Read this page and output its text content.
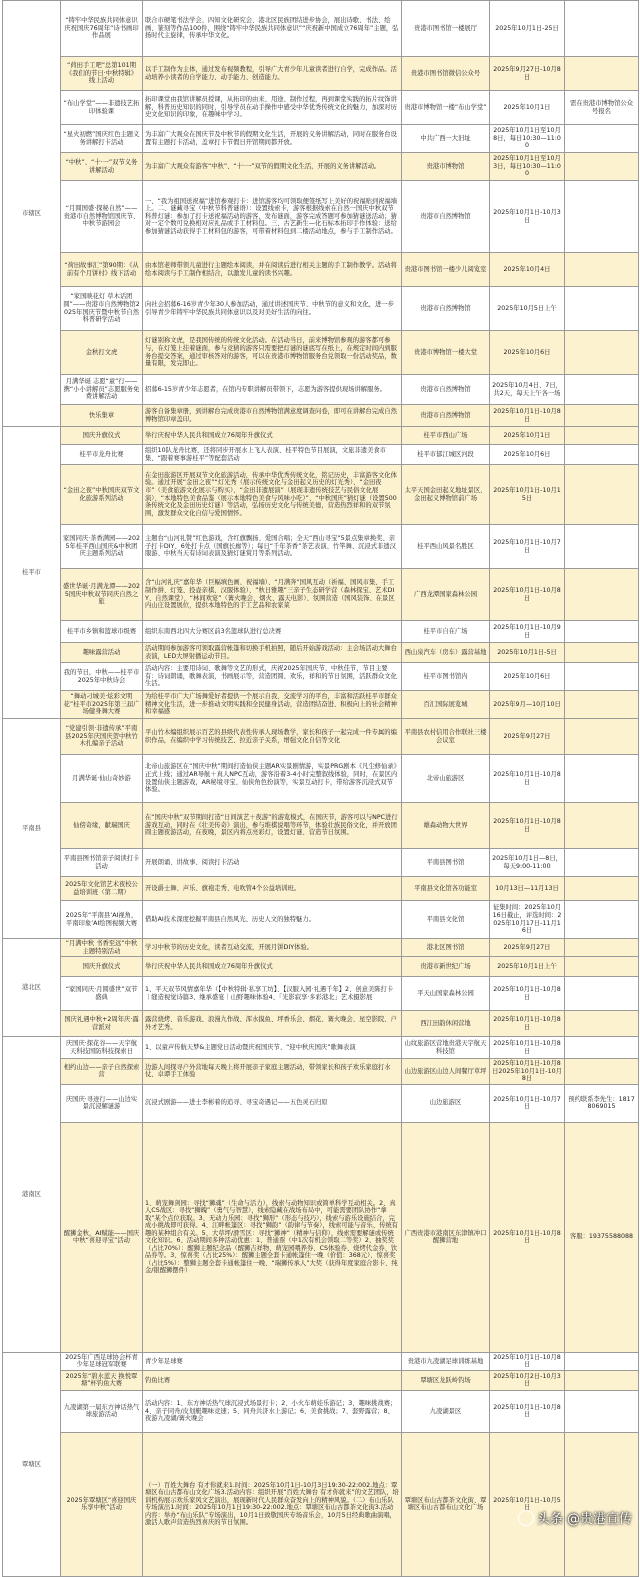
市辖区	“铸牢中华民族共同体意识 庆祝国庆76周年”诗书画印作品展	联合市硬笔书法学会、四知文化研究会、港北区民族团结进步协会，展出诗歌、书法、绘画、篆刻等作品100件，围绕“铸牢中华民族共同体意识”“庆祝新中国成立76周年”主题，弘扬时代主旋律，传承中华文化。	贵港市图书馆一楼展厅	2025年10月1日-25日	
	“荷田手工吧”总第101期《我们的节日·中秋特辑》线上活动	以手工制作为主体，通过发布视频教程，引导广大青少年儿童读者进行自学，完成作品。活动培养小读者的自学能力、动手能力、创造能力。	贵港市图书馆微信公众号	2025年9月27日-10月8日	
	“布山学堂”——非遗技艺拓印体验课	拓印课堂由我馆讲解员授课，从拓印的由来、用途、制作过程，再到课堂实践的拓片纹饰讲解，科普历史知识的同时，引导学员在动手操作中感受中华优秀传统文化的魅力，加深对历史文化知识的印象，在趣味中学习。	贵港市博物馆一楼“布山学堂”	2025年10月1日	需在贵港市博物馆公众号报名
	“星火初燃”国庆红色主题义务讲解打卡活动	为丰富广大观众在国庆节及中秋节的假期文化生活，开展的义务讲解活动，同时在服务台设置有主题打卡活动，盖章打卡节假日开馆期间都开放。	中共广西一大旧址	2025年10月1日至10月8日，每日10:30—11:00	
	“中秋”、“十·一”双节义务讲解活动	为丰富广大观众有游客“中秋”、“十·一”双节的假期文化生活，开展的义务讲解活动。	贵港市博物馆	2025年10月1日至10月3日，每日10:30—11:00	
	“月圆国盛·探秘自然”——贵港市自然博物馆国庆节、中秋节游园会	一、“我为祖国送祝福”进馆参观打卡：进馆游客均可领取便签纸写上美好的祝福贴到祝福墙上。二、谜藏寻宝（中秋节科普谜语）：设置线索卡，游客根据线索在自然一国庆中秋双节科普灯谜：参加了打卡送祝福活动的游客，发布谜面，游客完成答题可参加猜谜送活动；猜对一定个数可兑换相对应礼品或手工材料包。三、古艺新生—化石标本拓印手作体验：送给参加猜谜活动获得手工材料包的游客，可带着材料包到二楼活动地点，参与手工制作活动。	贵港市自然博物馆	2025年10月1日-10月3日	
	“荷田故事汇”第90期：《从前有个月饼村》线下活动	由本馆老师带领儿童进行主题绘本阅读，并在阅读后进行相关主题的手工制作教学。活动将绘本阅读与手工制作相结合，以激发儿童的读书兴趣。	贵港市图书馆一楼少儿阅览室	2025年10月4日	
	“家国映花灯 草木话团圆”——贵港市自然博物馆2025年国庆节暨中秋节自然科普研学活动	向社会招募6-16岁青少年30人参加活动，通过讲述国庆节、中秋节的意义和文化，进一步引导青少年铸牢中华民族共同体意识以及对美好生活的向往。	贵港市自然博物馆	2025年10月5日上午	
	金秋打文虎	灯谜别称文虎，是我国传统的传统文化活动。在活动当日，前来博物馆参观的游客都可参与，在灯笼上挂着谜面，参与竞猜的游客只需要把灯谜的谜底写在纸上，在规定时间内到服务台提交答案，通过审核答对的游客，可以在贵港市博物馆服务台兑领取一份活动奖品，数量有限，发完即止。	贵港市博物馆一楼大堂	2025年10月6日	
	月满华诞 志愿“童”行——携“小小讲解员”志愿服务免费讲解活动	招募6-15岁青少年志愿者，在馆内专职讲解员带领下，志愿为游客提供现场讲解服务。	贵港市自然博物馆	2025年10月4日、7日，共2天，每天上午各一场	
	快乐集章	游客自备集章册，到讲解台完成贵港市自然博物馆满意度调查问卷，即可在讲解台完成自然博物馆印章盖印。	贵港市自然博物馆	2025年10月1日-10月8日	
桂平市	国庆升旗仪式	举行庆祝中华人民共和国成立76周年升旗仪式	桂平市西山广场	2025年10月1日	
	桂平市龙舟比赛	组织10队龙舟比赛，还将同步开展水上飞人表演、桂平特色节目展演，文旅非遗美食市集、“跟着赛事游桂平”等配套活动	桂平市郁江城区河段	2025年10月6日	
	“金田之夜”中秋国庆双节文化旅游系列活动	在金田旅游区开展双节文化旅游活动，传承中华优秀传统文化，铭记历史，丰富游客文化体验。通过开展“金田之夜”“灯光秀（展示传统文化与金田起义历史的灯光秀）、“金田夜市”（美食旅游文化展示与购买）、“金田非遗展演”（展现非遗传统技艺与民俗文化展演）、“本地特色美食品鉴（展示本地特色美食与风味小吃）”、“中秋国庆”猜灯谜（设置500条传统文化及金田历史灯谜）等活动，弘扬历史文化与传统美德，营造热烈祥和的双节氛围，激发群众文化自信与爱国情怀。	太平天国金田起义地址景区、金田起义博物馆前广场	2025年10月1日-10月15日	
	家国同庆·茶香满园——2025年桂平西山国庆&中秋团庆主题系列活动	主题台“山河礼赞”红色游戏，含红旗飘扬、爱国合唱；全天“西山寻宝”5景点集章换奖、亲子打卡DIY、6处打卡点（国旗长廊等）；每日“千年茶香”茶艺表演、竹竿舞、沉浸式非遗汉服游、中秋当天有诗词表演及猜灯谜赏月等系列活动。	桂平西山风景名胜区	2025年10月1日-10月7日	
	盛世华诞·月满龙潭——2025国庆中秋双节同庆自然之旅	含“山河礼庆”嘉年华（巨幅填色画、祝福墙）、“月满奔”国风互动（祈福、国风市集、手工制作拼、灯笼、投壶亲棋、汉服体验）、“秋日雅趣”三亲子生态研学营（森林探宝、艺术DIY、自然课堂）、“林间欢宴”（篝火晚会、烟火、露天电影）、氛围营造（国风装饰、在景区内山庄设置展位，提供本地特色的手工艺品和农家菜	广西龙潭国家森林公园	2025年10月1日-10月8日	
	桂平市乡镇和篮球市级赛	组织东南西北四大分赛区前3名篮球队进行总决赛	桂平市自在广场	2025年10月1日-10月9日	
	趣味露营活动	活动期间参加游客可领取露营帐篷和切换手机拍照，随后开始游戏活动：主会场活动大舞台表演，LED大屏射播运动节目。	西山泉汽车（房车）露营基地	2025年10月1日-5日	
	我的节日，中秋——桂平市2025年中秋诗会	活动内容：主要用诗词、歌舞等文艺的形式，庆祝2025年国庆节、中秋佳节，节目主要有：诗词朗诵，歌舞表演，书画展示等，营造团圆、欢乐，祥和的节日氛围，活跃群众文化生活。	桂平市图书馆内	2025年10月6日	
	“舞动刁城美·炫彩文明花”桂平市2025年第三届广场健身舞大赛	为给桂平市广大广场舞爱好者提供一个展示自我、交流学习的平台，丰富和活跃桂平市群众精神文化生活，进一步推动文明实践和全民健身活动，营造团结奋进、积极向上的社会精神和幸福感	百汇国际展览城	2025年9月—10月10日	
平南县	“党建引领·非遗传承”平南县2025年庆国庆贺中秋竹木扎编亲子活动	平山竹木编组织展示百艺的县级代表性传承人现场教学，家长和孩子一起完成一件专属的编织作品，在编织中学习传统技艺、拉近亲子关系，增强文化自信等文化	平南县农村信用合作联社三楼会议室	2025年9月27日	
	月满华诞·仙山奇妙游	北帝山旅游区在“国庆中秋”期间打造仙侠主题AR实景剧情游，实景PRG剧本《凡尘修仙录》正式上线；通过AR导航＋真人NPC互动，游客沿着3-4小时完整叙线体验，同时，在景区内设置仙侠主题游戏，AR秘境寻宝、仙侠角色扮演等，实景互动打卡，带给游客沉浸式双节体验。	北帝山旅游区	2025年10月1日-10月8日	
	仙傍奇缘，献瑞国庆	在“国庆中秋”双节期间打造“日间演艺＋夜游”的游览模式，在国庆节，游客可以与NPC进行游戏互动，同时在《壮美传奇》演出，参与堆棋说唱等环节，体验壮族民俗文化，并开放团圆主题夜游活动，在夜晚，景区内将点亮彩灯，设置灯谜、营造节日氛围。	雄森动物大世界	2025年10月1日-10月8日	
	平南县图书馆亲子阅读打卡活动	开展朗诵、讲故事、阅读打卡活动	平南县图书馆	2025年10月1日—8日，每天9:00-11:00	
	2025年文化馆艺术夜校公益培训班（第二期）	开设爵士舞、声乐、旗袍走秀、电吹管4个公益培训班。	平南县文化馆各功能室	10月13日—11月13日	
	2025年“平南县‘AI视角，平南印象’AI绘图视频大赛	借助AI技术深度挖掘平南县自然风光、历史人文的独特魅力。	平南县文化馆	征集时间：2025年10月16日截止，评选时间：2025年10月17日-11月16日	
港北区	“月满中秋 书香至远”中秋主题特别活动	学习中秋节的历史文化，读者互动交流，开展月饼DIY体验。	港北区图书馆	2025年9月27日	
	国庆升旗仪式	举行庆祝中华人民共和国成立76周年升旗仪式	贵港市新世纪广场	2025年10月1日上午	
	“家国同庆·月圆盛世”双节盛典	1、平天双节风情嘉年华（【中秋特辑·私享工坊】、【汉服入园·礼遇千年】2、创意美陈打卡｜缝造视觉诗篇3、继承盛宴｜山野趣味体验4、「光影寂享·多彩港北」艺术摄影展	平天山国家森林公园	2025年10月1日-10月8日	
	国庆礼遇中秋+2周年庆·露营派对	露营烧烤、音乐游戏、浪漫九作战、浑水摸鱼、坪香乐会、烟花、篝火晚会、星空影院、户外才艺秀。	西江田韵休闲营地	2025年10月1日-10月8日	
港南区	庆国庆·探花谷——天宇航天科技国防科技探索日	1、以童声传航天梦&主题党日活动暨庆祝国庆节、“迎中秋庆国庆”歌舞表演	山纹旅游区营地贵港天宇航天科技馆	2025年10月1日-10月8日	
	相约山边——亲子自然探索营	边游人间探寻户外营地每天晚上将开展亲子家庭主题活动，带领家长和孩子欢乐家庭打水仗、卓谭手工体验	山边旅游区山边人间餐厅草坪	2025年10月1日-10月8日2025年10月1日-10月8日	
	庆国庆·寻迹行——山边实景沉浸解谜游	沉浸式剧游——进士李彬着的追寻、寻宝奇遇记——五色灵石归原	山边旅游区	2025年10月1日-10月7日	预约联系李先生：18178069015
	醒狮金秋，AI赋能——国庆中秋“喜迎寻宝”活动	1、萌宠舞剑园：寻找“狮魂”（生命与活力），线索与动物知识或简单科学互动相关。2、真人CS战区：寻找“狮魄”（勇气与智慧），线索隐藏在战场布局中，可能需要团队协作“拿取”某个点位获取。3、无动力乐园：寻找“狮形”（形态与技巧），线索与游乐设施结合，完成小挑战即可获得。4、江畔帐篷区：寻找“狮韵”（韵律与节奏），线索可能与音乐、传统有趣的某种组合有关。5、大草坪/滑雪区：寻找“狮神”（精神与信仰），线索需要解谜或传统文化知识。6、活动期间多种活动优惠：1、普通票（中1次有机会领取二等奖）2、抽奖奖（占比70%）：醒狮主题纪念品（醒狮吉祥物、萌宠园喂养券、CS体验券、烧烤代金券、饮品券等。3、惊喜奖（占比25%）：醒狮主题全套卡通帐篷住一晚（价值：368元）、惊喜奖（占比5%）：整狮主题全套卡通帐篷住一晚、“瑞狮传承人”大奖（获得年度家庭合影卡、纯金/银醒狮摆件）	广西贵港市港南区东津镇冲口醒狮营地	2025年10月1日-10月8日	客服：19375588088
覃塘区	2025年广西足球协会杯青少年足球冠军联赛	青少年足球赛	贵港市九凌湖足球训练基地	2025年10月1日-10月8日	
	2025年“碧水蓝天 换悦覃塘”杯钓鱼大赛	钓鱼比赛	覃塘区龙跃岭钓场	2025年10月2日-10月3日	
	九凌湖第一届东方神话热气球旅游活动	活动内容：1、东方神话热气球沉浸式场景打卡；2、小火车萌娃乐游记；3、趣味挑战赛；4、亲子同舟/皮划艇趣味竞速；5、同舟共济水上游记；6、美食挑战；7、套野露营；8、夜游九凌湖/篝火晚会	九凌湖景区	2025年10月1日-10月8日	
	2025年覃塘区“喜迎国庆 乐享中秋”活动	（一）百姓大舞台 有才你就来1.时间：2025年10月1日-10月3日19:30-22:002.地点：覃塘区布山古都布山文化广场3.活动内容：组织开展“百姓大舞台 有才你就来”的文艺团队，培训机构展示欢乐家风文艺演出，展现新时代人民群众奋发向上的精神风貌。（二）布山乐队专场演出1.时间：2025年10月1日19:30-22:002.地点：覃塘区布山古都茶文化街3.活动内容：举办“布山乐队”专场演出，10月1日致敬国庆专场音乐会，10月5日经典歌曲演唱，激活人歌声营造热烈喜庆的节日氛围。	覃塘区布山古都茶文化街、覃塘区布山古都布山文化广场	2025年10月1日-10月5日	
头条 @贵港宣传
